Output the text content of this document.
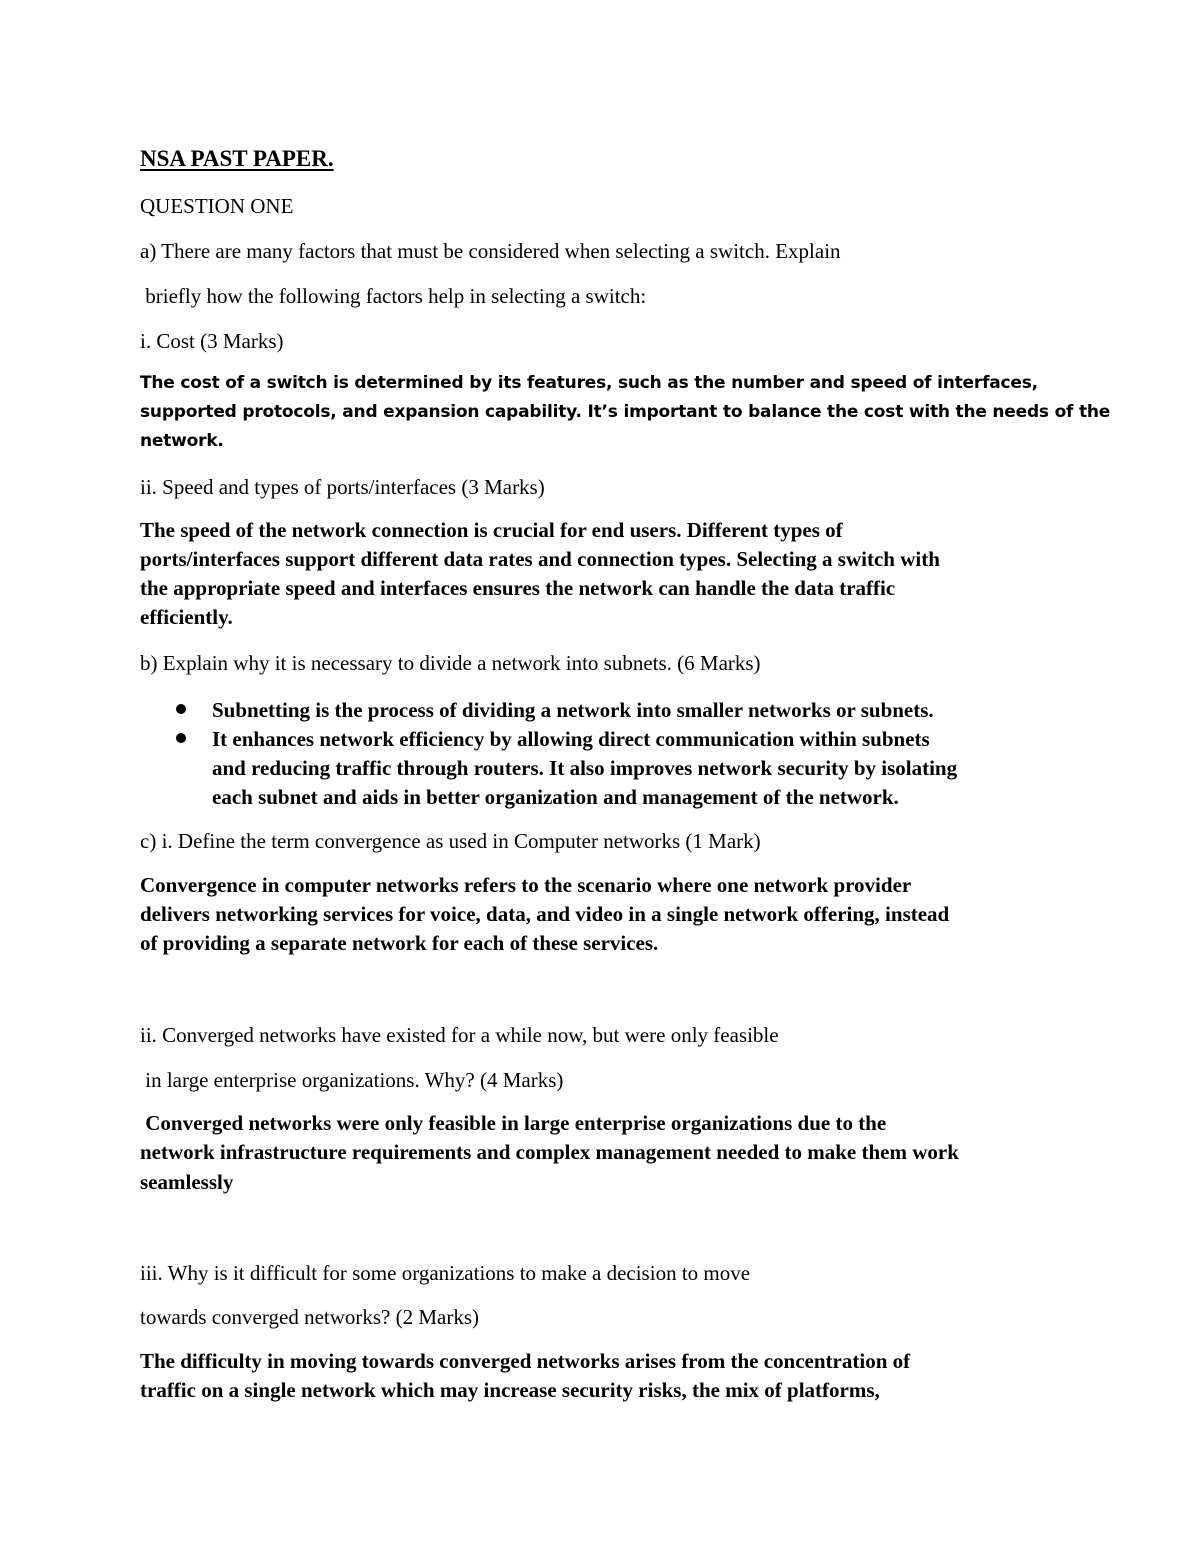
NSA PAST PAPER.
QUESTION ONE
a) There are many factors that must be considered when selecting a switch. Explain
briefly how the following factors help in selecting a switch:
i. Cost (3 Marks)
The cost of a switch is determined by its features, such as the number and speed of interfaces,
supported protocols, and expansion capability. It’s important to balance the cost with the needs of the
network.
ii. Speed and types of ports/interfaces (3 Marks)
The speed of the network connection is crucial for end users. Different types of
ports/interfaces support different data rates and connection types. Selecting a switch with
the appropriate speed and interfaces ensures the network can handle the data traffic
efficiently.
b) Explain why it is necessary to divide a network into subnets. (6 Marks)
Subnetting is the process of dividing a network into smaller networks or subnets.
It enhances network efficiency by allowing direct communication within subnets
and reducing traffic through routers. It also improves network security by isolating
each subnet and aids in better organization and management of the network.
c) i. Define the term convergence as used in Computer networks (1 Mark)
Convergence in computer networks refers to the scenario where one network provider
delivers networking services for voice, data, and video in a single network offering, instead
of providing a separate network for each of these services.
ii. Converged networks have existed for a while now, but were only feasible
in large enterprise organizations. Why? (4 Marks)
Converged networks were only feasible in large enterprise organizations due to the
network infrastructure requirements and complex management needed to make them work
seamlessly
iii. Why is it difficult for some organizations to make a decision to move
towards converged networks? (2 Marks)
The difficulty in moving towards converged networks arises from the concentration of
traffic on a single network which may increase security risks, the mix of platforms,
